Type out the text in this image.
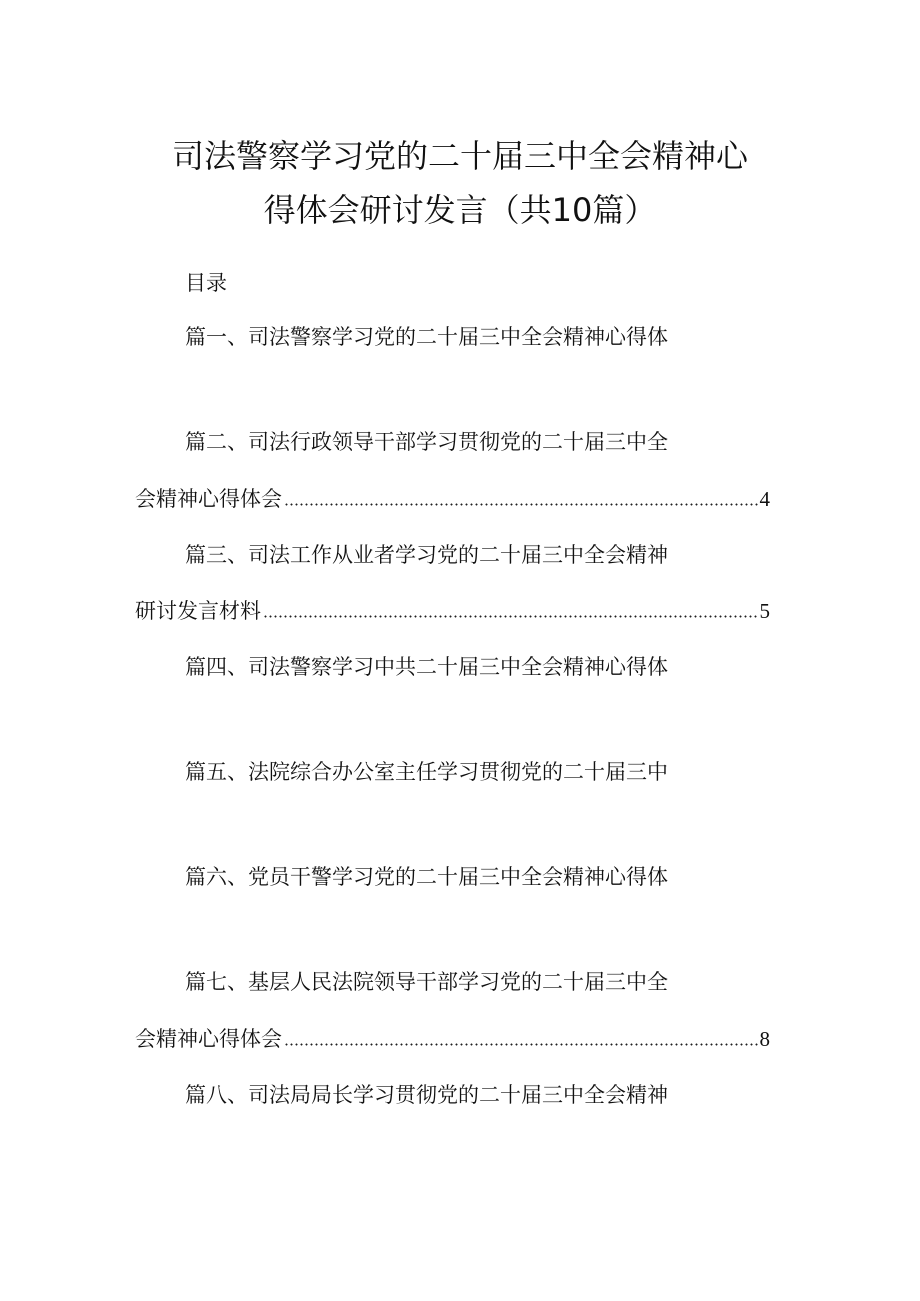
司法警察学习党的二十届三中全会精神心
得体会研讨发言（共10篇）
目录
篇一、司法警察学习党的二十届三中全会精神心得体
篇二、司法行政领导干部学习贯彻党的二十届三中全
会精神心得体会	4
篇三、司法工作从业者学习党的二十届三中全会精神
研讨发言材料	5
篇四、司法警察学习中共二十届三中全会精神心得体
篇五、法院综合办公室主任学习贯彻党的二十届三中
篇六、党员干警学习党的二十届三中全会精神心得体
篇七、基层人民法院领导干部学习党的二十届三中全
会精神心得体会	8
篇八、司法局局长学习贯彻党的二十届三中全会精神
